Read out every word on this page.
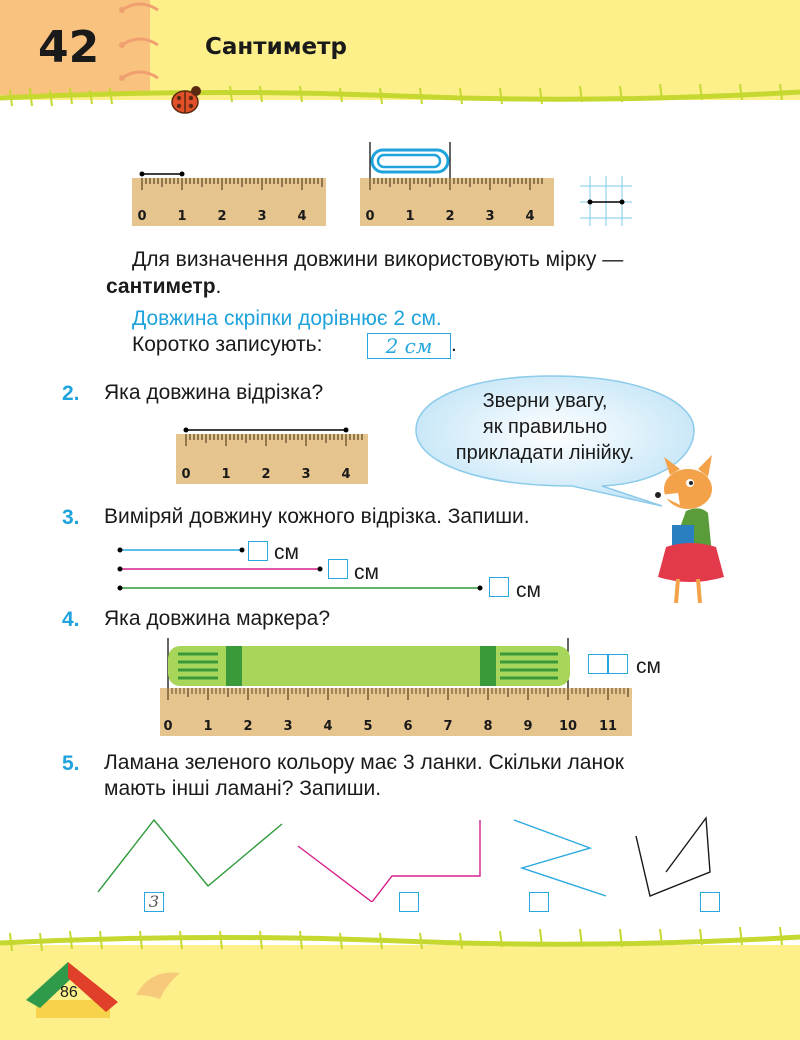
42	Сантиметр
0 1 2 3 4	0 1 2 3 4
Для визначення довжини використовують мірку —
сантиметр.
Довжина скріпки дорівнює 2 см.
Коротко записують:	2 см .
2. Яка довжина відрізка?
0 1 2 3 4
Зверни увагу,
як правильно
прикладати лінійку.
3. Виміряй довжину кожного відрізка. Запиши.
см
см
см
4. Яка довжина маркера?
0 1 2 3 4 5 6 7 8 9 10 11
см
5. Ламана зеленого кольору має 3 ланки. Скільки ланок
мають інші ламані? Запиши.
3
86
